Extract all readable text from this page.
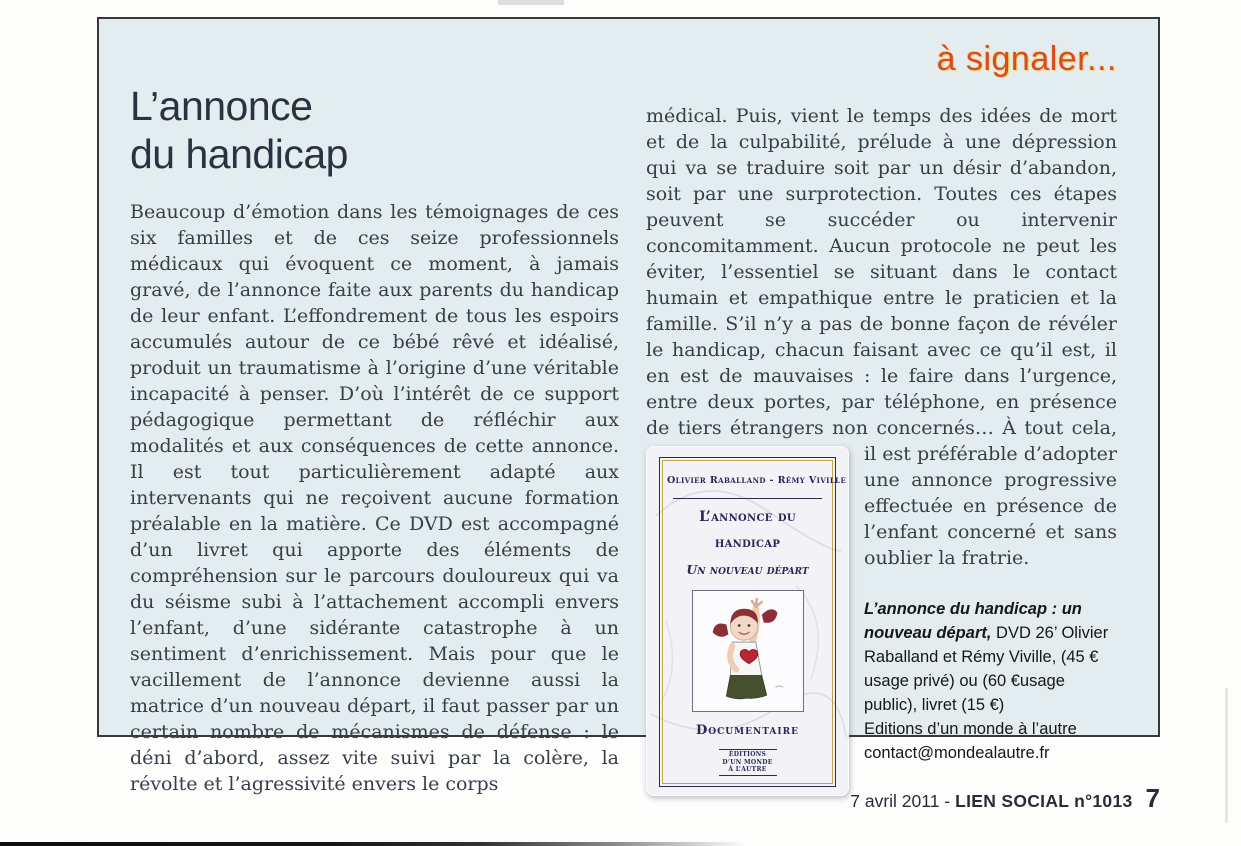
L’annonce
du handicap

Beaucoup d’émotion dans les témoignages de ces six familles et de ces seize professionnels médicaux qui évoquent ce moment, à jamais gravé, de l’annonce faite aux parents du handicap de leur enfant. L’effondrement de tous les espoirs accumulés autour de ce bébé rêvé et idéalisé, produit un traumatisme à l’origine d’une véritable incapacité à penser. D’où l’intérêt de ce support pédagogique permettant de réfléchir aux modalités et aux conséquences de cette annonce. Il est tout particulièrement adapté aux intervenants qui ne reçoivent aucune formation préalable en la matière. Ce DVD est accompagné d’un livret qui apporte des éléments de compréhension sur le parcours douloureux qui va du séisme subi à l’attachement accompli envers l’enfant, d’une sidérante catastrophe à un sentiment d’enrichissement. Mais pour que le vacillement de l’annonce devienne aussi la matrice d’un nouveau départ, il faut passer par un certain nombre de mécanismes de défense : le déni d’abord, assez vite suivi par la colère, la révolte et l’agressivité envers le corps

à signaler...

médical. Puis, vient le temps des idées de mort et de la culpabilité, prélude à une dépression qui va se traduire soit par un désir d’abandon, soit par une surprotection. Toutes ces étapes peuvent se succéder ou intervenir concomitamment. Aucun protocole ne peut les éviter, l’essentiel se situant dans le contact humain et empathique entre le praticien et la famille. S’il n’y a pas de bonne façon de révéler le handicap, chacun faisant avec ce qu’il est, il en est de mauvaises : le faire dans l’urgence, entre deux portes, par téléphone, en présence de tiers étrangers non concernés… À tout
Olivier Raballand - Rémy Viville
L’annonce du handicap
Un nouveau départ
Documentaire
ÉDITIONS
D’UN MONDE
À L’AUTRE
cela, il est préférable d’adopter une annonce progressive effectuée en présence de l’enfant concerné et sans oublier la fratrie.

L’annonce du handicap : un nouveau départ, DVD 26’ Olivier Raballand et Rémy Viville, (45 € usage privé) ou (60 €usage public), livret (15 €)
Editions d’un monde à l’autre
contact@mondealautre.fr
7 avril 2011 - LIEN SOCIAL n°1013 7
